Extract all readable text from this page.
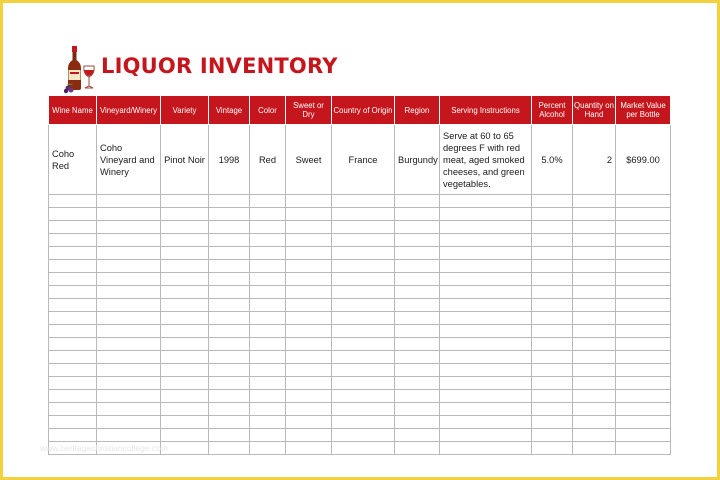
LIQUOR INVENTORY
Wine Name	Vineyard/Winery	Variety	Vintage	Color	Sweet or Dry	Country of Origin	Region	Serving Instructions	Percent Alcohol	Quantity on Hand	Market Value per Bottle
Coho Red	Coho Vineyard and Winery	Pinot Noir	1998	Red	Sweet	France	Burgundy	Serve at 60 to 65 degrees F with red meat, aged smoked cheeses, and green vegetables.	5.0%	2	$699.00

www.heritagechristiancollege.com
